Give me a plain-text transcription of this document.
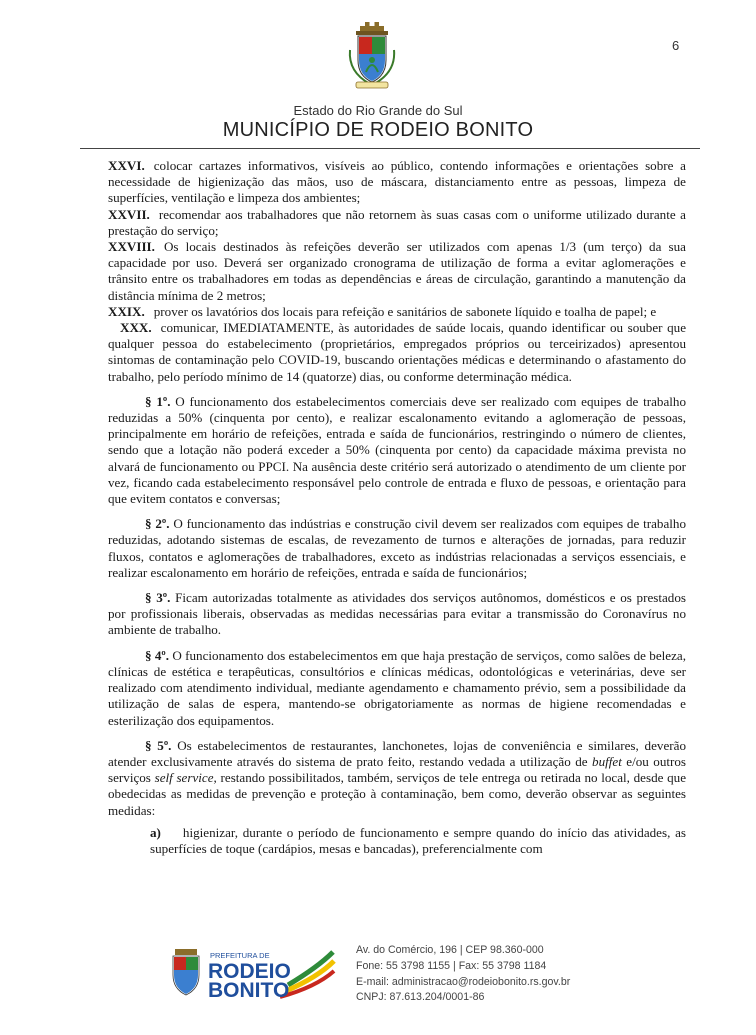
6
Estado do Rio Grande do Sul
MUNICÍPIO DE RODEIO BONITO

XXVI. colocar cartazes informativos, visíveis ao público, contendo informações e orientações sobre a necessidade de higienização das mãos, uso de máscara, distanciamento entre as pessoas, limpeza de superfícies, ventilação e limpeza dos ambientes;

XXVII. recomendar aos trabalhadores que não retornem às suas casas com o uniforme utilizado durante a prestação do serviço;

XXVIII. Os locais destinados às refeições deverão ser utilizados com apenas 1/3 (um terço) da sua capacidade por uso. Deverá ser organizado cronograma de utilização de forma a evitar aglomerações e trânsito entre os trabalhadores em todas as dependências e áreas de circulação, garantindo a manutenção da distância mínima de 2 metros;

XXIX. prover os lavatórios dos locais para refeição e sanitários de sabonete líquido e toalha de papel; e

XXX. comunicar, IMEDIATAMENTE, às autoridades de saúde locais, quando identificar ou souber que qualquer pessoa do estabelecimento (proprietários, empregados próprios ou terceirizados) apresentou sintomas de contaminação pelo COVID-19, buscando orientações médicas e determinando o afastamento do trabalho, pelo período mínimo de 14 (quatorze) dias, ou conforme determinação médica.

§ 1º. O funcionamento dos estabelecimentos comerciais deve ser realizado com equipes de trabalho reduzidas a 50% (cinquenta por cento), e realizar escalonamento evitando a aglomeração de pessoas, principalmente em horário de refeições, entrada e saída de funcionários, restringindo o número de clientes, sendo que a lotação não poderá exceder a 50% (cinquenta por cento) da capacidade máxima prevista no alvará de funcionamento ou PPCI. Na ausência deste critério será autorizado o atendimento de um cliente por vez, ficando cada estabelecimento responsável pelo controle de entrada e fluxo de pessoas, e orientação para que evitem contatos e conversas;

§ 2º. O funcionamento das indústrias e construção civil devem ser realizados com equipes de trabalho reduzidas, adotando sistemas de escalas, de revezamento de turnos e alterações de jornadas, para reduzir fluxos, contatos e aglomerações de trabalhadores, exceto as indústrias relacionadas a serviços essenciais, e realizar escalonamento em horário de refeições, entrada e saída de funcionários;

§ 3º. Ficam autorizadas totalmente as atividades dos serviços autônomos, domésticos e os prestados por profissionais liberais, observadas as medidas necessárias para evitar a transmissão do Coronavírus no ambiente de trabalho.

§ 4º. O funcionamento dos estabelecimentos em que haja prestação de serviços, como salões de beleza, clínicas de estética e terapêuticas, consultórios e clínicas médicas, odontológicas e veterinárias, deve ser realizado com atendimento individual, mediante agendamento e chamamento prévio, sem a possibilidade da utilização de salas de espera, mantendo-se obrigatoriamente as normas de higiene recomendadas e esterilização dos equipamentos.

§ 5º. Os estabelecimentos de restaurantes, lanchonetes, lojas de conveniência e similares, deverão atender exclusivamente através do sistema de prato feito, restando vedada a utilização de buffet e/ou outros serviços self service, restando possibilitados, também, serviços de tele entrega ou retirada no local, desde que obedecidas as medidas de prevenção e proteção à contaminação, bem como, deverão observar as seguintes medidas:

a) higienizar, durante o período de funcionamento e sempre quando do início das atividades, as superfícies de toque (cardápios, mesas e bancadas), preferencialmente com

PREFEITURA DE
RODEIO
BONITO
Av. do Comércio, 196 | CEP 98.360-000
Fone: 55 3798 1155 | Fax: 55 3798 1184
E-mail: administracao@rodeiobonito.rs.gov.br
CNPJ: 87.613.204/0001-86
